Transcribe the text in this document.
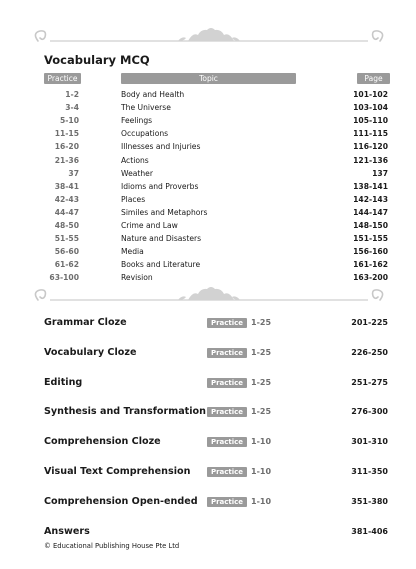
Vocabulary MCQ
Practice	Topic	Page
1-2	Body and Health	101-102
3-4	The Universe	103-104
5-10	Feelings	105-110
11-15	Occupations	111-115
16-20	Illnesses and Injuries	116-120
21-36	Actions	121-136
37	Weather	137
38-41	Idioms and Proverbs	138-141
42-43	Places	142-143
44-47	Similes and Metaphors	144-147
48-50	Crime and Law	148-150
51-55	Nature and Disasters	151-155
56-60	Media	156-160
61-62	Books and Literature	161-162
63-100	Revision	163-200
Grammar Cloze	Practice 1-25	201-225
Vocabulary Cloze	Practice 1-25	226-250
Editing	Practice 1-25	251-275
Synthesis and Transformation Practice 1-25	276-300
Comprehension Cloze	Practice 1-10	301-310
Visual Text Comprehension	Practice 1-10	311-350
Comprehension Open-ended	Practice 1-10	351-380
Answers	381-406
© Educational Publishing House Pte Ltd
